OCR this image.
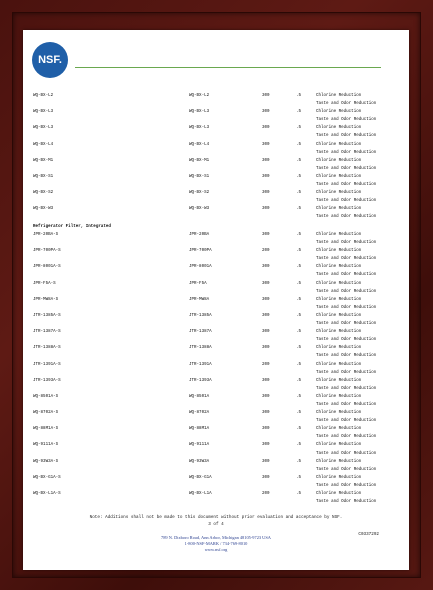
NSF.
WQ-BX-L2	WQ-BX-L2	300	.5	Chlorine Reduction
Taste and Odor Reduction
WQ-BX-L3	WQ-BX-L3	300	.5	Chlorine Reduction
Taste and Odor Reduction
WQ-BX-L3	WQ-BX-L3	300	.5	Chlorine Reduction
Taste and Odor Reduction
WQ-BX-L4	WQ-BX-L4	300	.5	Chlorine Reduction
Taste and Odor Reduction
WQ-BX-M1	WQ-BX-M1	300	.5	Chlorine Reduction
Taste and Odor Reduction
WQ-BX-S1	WQ-BX-S1	300	.5	Chlorine Reduction
Taste and Odor Reduction
WQ-BX-S2	WQ-BX-S2	300	.5	Chlorine Reduction
Taste and Odor Reduction
WQ-BX-W3	WQ-BX-W3	300	.5	Chlorine Reduction
Taste and Odor Reduction
Refrigerator Filter, Integrated
JPR-20BA-S	JPR-20BA	300	.5	Chlorine Reduction
Taste and Odor Reduction
JPR-700PA-S	JPR-700PA	200	.5	Chlorine Reduction
Taste and Odor Reduction
JPR-8001A-S	JPR-8001A	300	.5	Chlorine Reduction
Taste and Odor Reduction
JPR-F5A-S	JPR-F5A	300	.5	Chlorine Reduction
Taste and Odor Reduction
JPR-MW8A-S	JPR-MW8A	300	.5	Chlorine Reduction
Taste and Odor Reduction
JTR-1385A-S	JTR-1385A	300	.5	Chlorine Reduction
Taste and Odor Reduction
JTR-1387A-S	JTR-1387A	300	.5	Chlorine Reduction
Taste and Odor Reduction
JTR-1388A-S	JTR-1388A	300	.5	Chlorine Reduction
Taste and Odor Reduction
JTR-1391A-S	JTR-1391A	200	.5	Chlorine Reduction
Taste and Odor Reduction
JTR-1393A-S	JTR-1393A	300	.5	Chlorine Reduction
Taste and Odor Reduction
WQ-8501A-S	WQ-8501A	300	.5	Chlorine Reduction
Taste and Odor Reduction
WQ-8702A-S	WQ-8702A	300	.5	Chlorine Reduction
Taste and Odor Reduction
WQ-88M1A-S	WQ-88M1A	300	.5	Chlorine Reduction
Taste and Odor Reduction
WQ-9111A-S	WQ-9111A	300	.5	Chlorine Reduction
Taste and Odor Reduction
WQ-93W3A-S	WQ-93W3A	300	.5	Chlorine Reduction
Taste and Odor Reduction
WQ-BX-G1A-S	WQ-BX-G1A	300	.5	Chlorine Reduction
Taste and Odor Reduction
WQ-BX-L1A-S	WQ-BX-L1A	200	.5	Chlorine Reduction
Taste and Odor Reduction
Note: Additions shall not be made to this document without prior evaluation and acceptance by NSF.
3 of 4
C0337292
789 N. Dixboro Road, Ann Arbor, Michigan 48105-9723 USA
1-800-NSF-MARK / 734-769-8010
www.nsf.org
